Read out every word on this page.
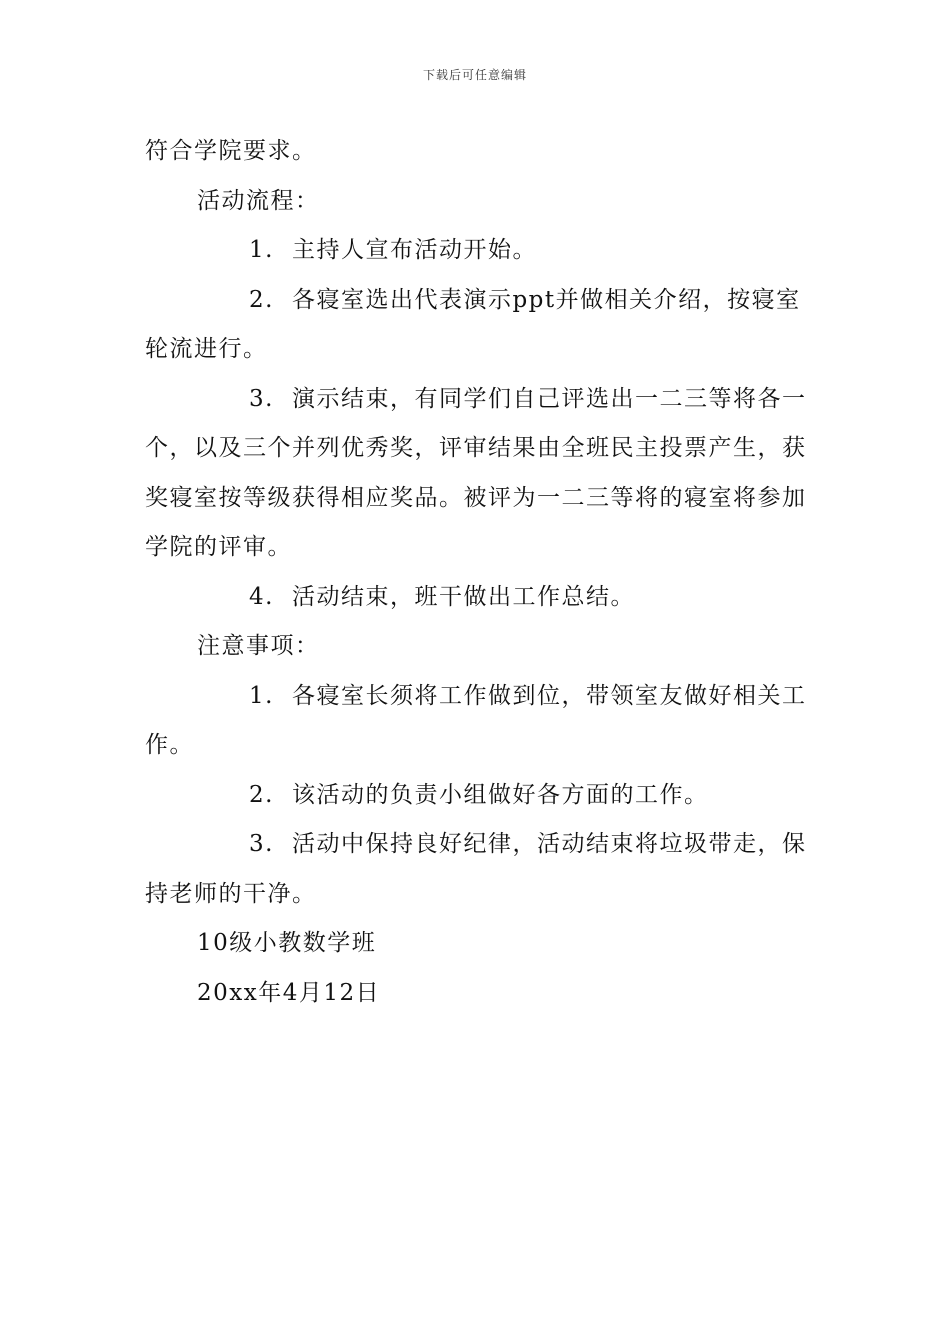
下载后可任意编辑

符合学院要求。

活动流程：

1. 主持人宣布活动开始。

2. 各寝室选出代表演示ppt并做相关介绍，按寝室轮流进行。

3. 演示结束，有同学们自己评选出一二三等将各一个，以及三个并列优秀奖，评审结果由全班民主投票产生，获奖寝室按等级获得相应奖品。被评为一二三等将的寝室将参加学院的评审。

4. 活动结束，班干做出工作总结。

注意事项：

1. 各寝室长须将工作做到位，带领室友做好相关工作。

2. 该活动的负责小组做好各方面的工作。

3. 活动中保持良好纪律，活动结束将垃圾带走，保持老师的干净。

10级小教数学班

20xx年4月12日
